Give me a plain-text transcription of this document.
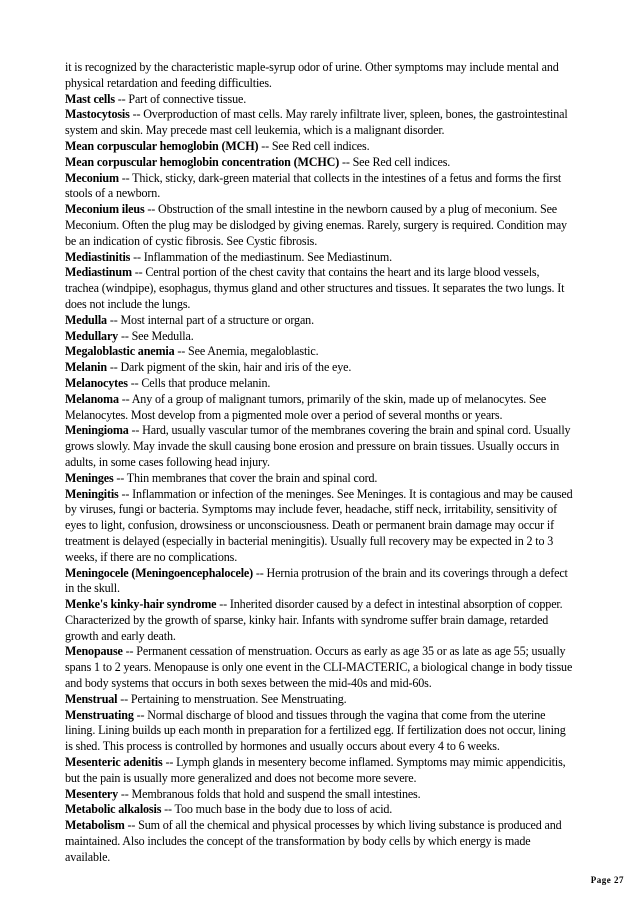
it is recognized by the characteristic maple-syrup odor of urine. Other symptoms may include mental and physical retardation and feeding difficulties.

Mast cells -- Part of connective tissue.

Mastocytosis -- Overproduction of mast cells. May rarely infiltrate liver, spleen, bones, the gastrointestinal system and skin. May precede mast cell leukemia, which is a malignant disorder.

Mean corpuscular hemoglobin (MCH) -- See Red cell indices.

Mean corpuscular hemoglobin concentration (MCHC) -- See Red cell indices.

Meconium -- Thick, sticky, dark-green material that collects in the intestines of a fetus and forms the first stools of a newborn.

Meconium ileus -- Obstruction of the small intestine in the newborn caused by a plug of meconium. See Meconium. Often the plug may be dislodged by giving enemas. Rarely, surgery is required. Condition may be an indication of cystic fibrosis. See Cystic fibrosis.

Mediastinitis -- Inflammation of the mediastinum. See Mediastinum.

Mediastinum -- Central portion of the chest cavity that contains the heart and its large blood vessels, trachea (windpipe), esophagus, thymus gland and other structures and tissues. It separates the two lungs. It does not include the lungs.

Medulla -- Most internal part of a structure or organ.

Medullary -- See Medulla.

Megaloblastic anemia -- See Anemia, megaloblastic.

Melanin -- Dark pigment of the skin, hair and iris of the eye.

Melanocytes -- Cells that produce melanin.

Melanoma -- Any of a group of malignant tumors, primarily of the skin, made up of melanocytes. See Melanocytes. Most develop from a pigmented mole over a period of several months or years.

Meningioma -- Hard, usually vascular tumor of the membranes covering the brain and spinal cord. Usually grows slowly. May invade the skull causing bone erosion and pressure on brain tissues. Usually occurs in adults, in some cases following head injury.

Meninges -- Thin membranes that cover the brain and spinal cord.

Meningitis -- Inflammation or infection of the meninges. See Meninges. It is contagious and may be caused by viruses, fungi or bacteria. Symptoms may include fever, headache, stiff neck, irritability, sensitivity of eyes to light, confusion, drowsiness or unconsciousness. Death or permanent brain damage may occur if treatment is delayed (especially in bacterial meningitis). Usually full recovery may be expected in 2 to 3 weeks, if there are no complications.

Meningocele (Meningoencephalocele) -- Hernia protrusion of the brain and its coverings through a defect in the skull.

Menke's kinky-hair syndrome -- Inherited disorder caused by a defect in intestinal absorption of copper. Characterized by the growth of sparse, kinky hair. Infants with syndrome suffer brain damage, retarded growth and early death.

Menopause -- Permanent cessation of menstruation. Occurs as early as age 35 or as late as age 55; usually spans 1 to 2 years. Menopause is only one event in the CLI-MACTERIC, a biological change in body tissue and body systems that occurs in both sexes between the mid-40s and mid-60s.

Menstrual -- Pertaining to menstruation. See Menstruating.

Menstruating -- Normal discharge of blood and tissues through the vagina that come from the uterine lining. Lining builds up each month in preparation for a fertilized egg. If fertilization does not occur, lining is shed. This process is controlled by hormones and usually occurs about every 4 to 6 weeks.

Mesenteric adenitis -- Lymph glands in mesentery become inflamed. Symptoms may mimic appendicitis, but the pain is usually more generalized and does not become more severe.

Mesentery -- Membranous folds that hold and suspend the small intestines.

Metabolic alkalosis -- Too much base in the body due to loss of acid.

Metabolism -- Sum of all the chemical and physical processes by which living substance is produced and maintained. Also includes the concept of the transformation by body cells by which energy is made available.

Page 27
